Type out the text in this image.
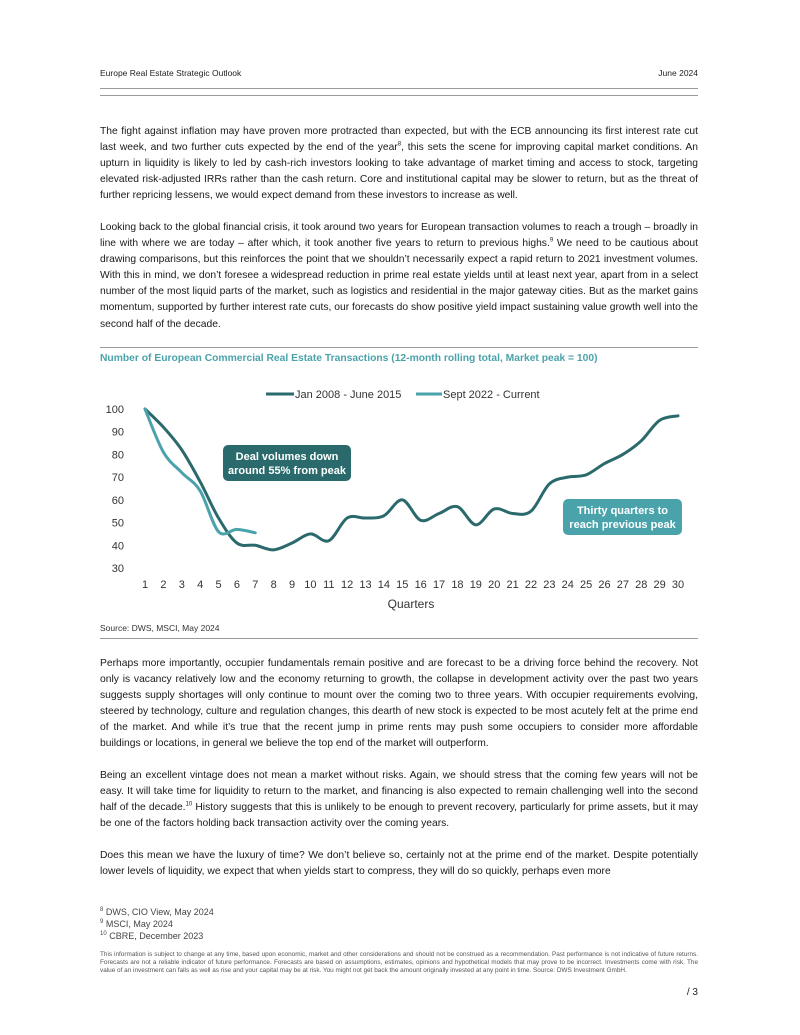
Europe Real Estate Strategic Outlook	June 2024

The fight against inflation may have proven more protracted than expected, but with the ECB announcing its first interest rate cut last week, and two further cuts expected by the end of the year$^8$, this sets the scene for improving capital market conditions. An upturn in liquidity is likely to led by cash-rich investors looking to take advantage of market timing and access to stock, targeting elevated risk-adjusted IRRs rather than the cash return. Core and institutional capital may be slower to return, but as the threat of further repricing lessens, we would expect demand from these investors to increase as well.

Looking back to the global financial crisis, it took around two years for European transaction volumes to reach a trough – broadly in line with where we are today – after which, it took another five years to return to previous highs.$^9$ We need to be cautious about drawing comparisons, but this reinforces the point that we shouldn’t necessarily expect a rapid return to 2021 investment volumes. With this in mind, we don’t foresee a widespread reduction in prime real estate yields until at least next year, apart from in a select number of the most liquid parts of the market, such as logistics and residential in the major gateway cities. But as the market gains momentum, supported by further interest rate cuts, our forecasts do show positive yield impact sustaining value growth well into the second half of the decade.

Number of European Commercial Real Estate Transactions (12-month rolling total, Market peak = 100)
Jan 2008 - June 2015	Sept 2022 - Current
100
90
80
70
60
50
40
30
1 2 3 4 5 6 7 8 9 10 11 12 13 14 15 16 17 18 19 20 21 22 23 24 25 26 27 28 29 30
Quarters
Deal volumes down
around 55% from peak
Thirty quarters to
reach previous peak
Source: DWS, MSCI, May 2024

Perhaps more importantly, occupier fundamentals remain positive and are forecast to be a driving force behind the recovery. Not only is vacancy relatively low and the economy returning to growth, the collapse in development activity over the past two years suggests supply shortages will only continue to mount over the coming two to three years. With occupier requirements evolving, steered by technology, culture and regulation changes, this dearth of new stock is expected to be most acutely felt at the prime end of the market. And while it’s true that the recent jump in prime rents may push some occupiers to consider more affordable buildings or locations, in general we believe the top end of the market will outperform.

Being an excellent vintage does not mean a market without risks. Again, we should stress that the coming few years will not be easy. It will take time for liquidity to return to the market, and financing is also expected to remain challenging well into the second half of the decade.$^{10}$ History suggests that this is unlikely to be enough to prevent recovery, particularly for prime assets, but it may be one of the factors holding back transaction activity over the coming years.

Does this mean we have the luxury of time? We don’t believe so, certainly not at the prime end of the market. Despite potentially lower levels of liquidity, we expect that when yields start to compress, they will do so quickly, perhaps even more

$^8$ DWS, CIO View, May 2024
$^9$ MSCI, May 2024
$^{10}$ CBRE, December 2023

This information is subject to change at any time, based upon economic, market and other considerations and should not be construed as a recommendation. Past performance is not indicative of future returns. Forecasts are not a reliable indicator of future performance. Forecasts are based on assumptions, estimates, opinions and hypothetical models that may prove to be incorrect. Investments come with risk. The value of an investment can falls as well as rise and your capital may be at risk. You might not get back the amount originally invested at any point in time. Source: DWS Investment GmbH.

/ 3
